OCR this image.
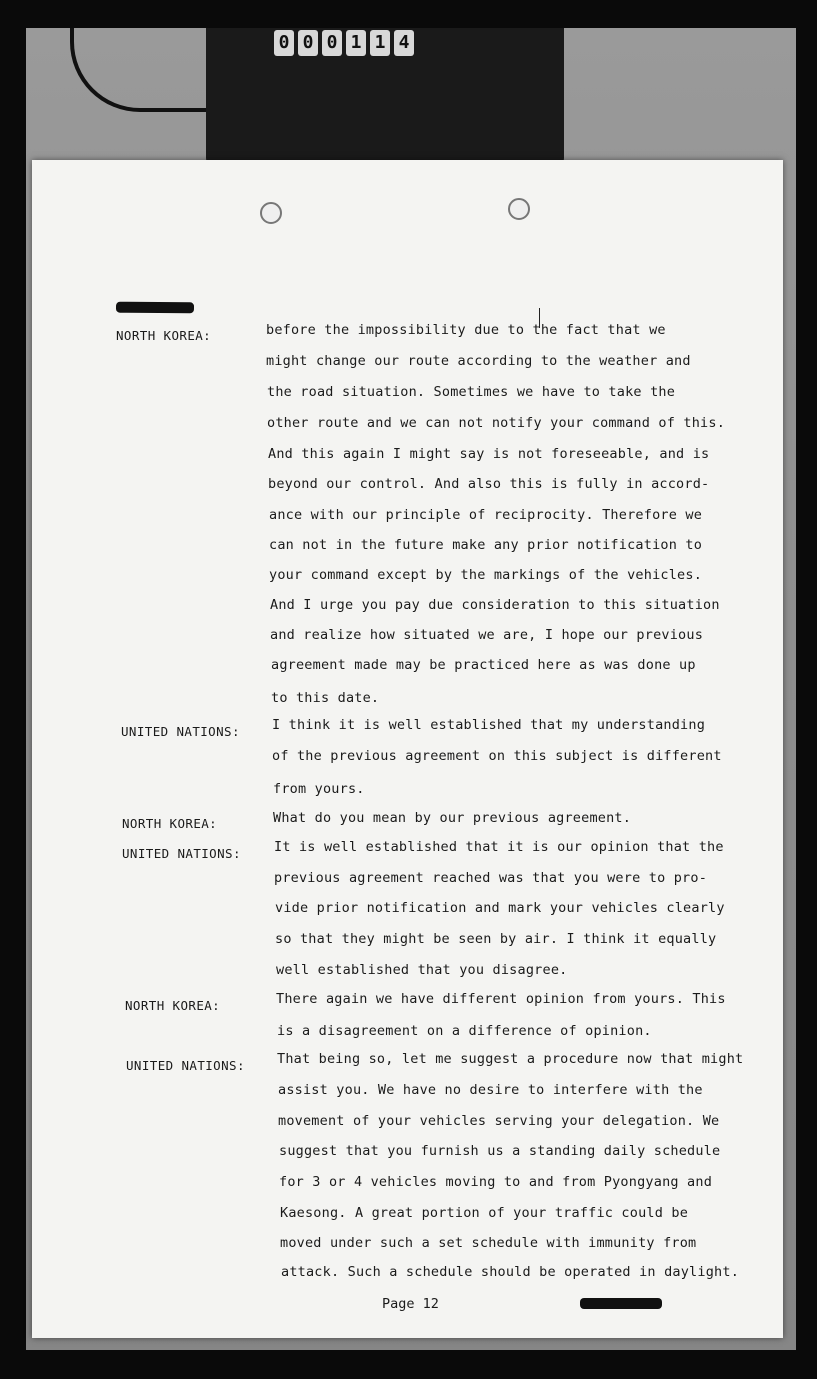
0 0 0 1 1 4
NORTH KOREA:
UNITED NATIONS:
NORTH KOREA:
UNITED NATIONS:
NORTH KOREA:
UNITED NATIONS:
before the impossibility due to the fact that we
might change our route according to the weather and
the road situation. Sometimes we have to take the
other route and we can not notify your command of this.
And this again I might say is not foreseeable, and is
beyond our control. And also this is fully in accord-
ance with our principle of reciprocity. Therefore we
can not in the future make any prior notification to
your command except by the markings of the vehicles.
And I urge you pay due consideration to this situation
and realize how situated we are, I hope our previous
agreement made may be practiced here as was done up
to this date.
I think it is well established that my understanding
of the previous agreement on this subject is different
from yours.
What do you mean by our previous agreement.
It is well established that it is our opinion that the
previous agreement reached was that you were to pro-
vide prior notification and mark your vehicles clearly
so that they might be seen by air. I think it equally
well established that you disagree.
There again we have different opinion from yours. This
is a disagreement on a difference of opinion.
That being so, let me suggest a procedure now that might
assist you. We have no desire to interfere with the
movement of your vehicles serving your delegation. We
suggest that you furnish us a standing daily schedule
for 3 or 4 vehicles moving to and from Pyongyang and
Kaesong. A great portion of your traffic could be
moved under such a set schedule with immunity from
attack. Such a schedule should be operated in daylight.
Page 12
